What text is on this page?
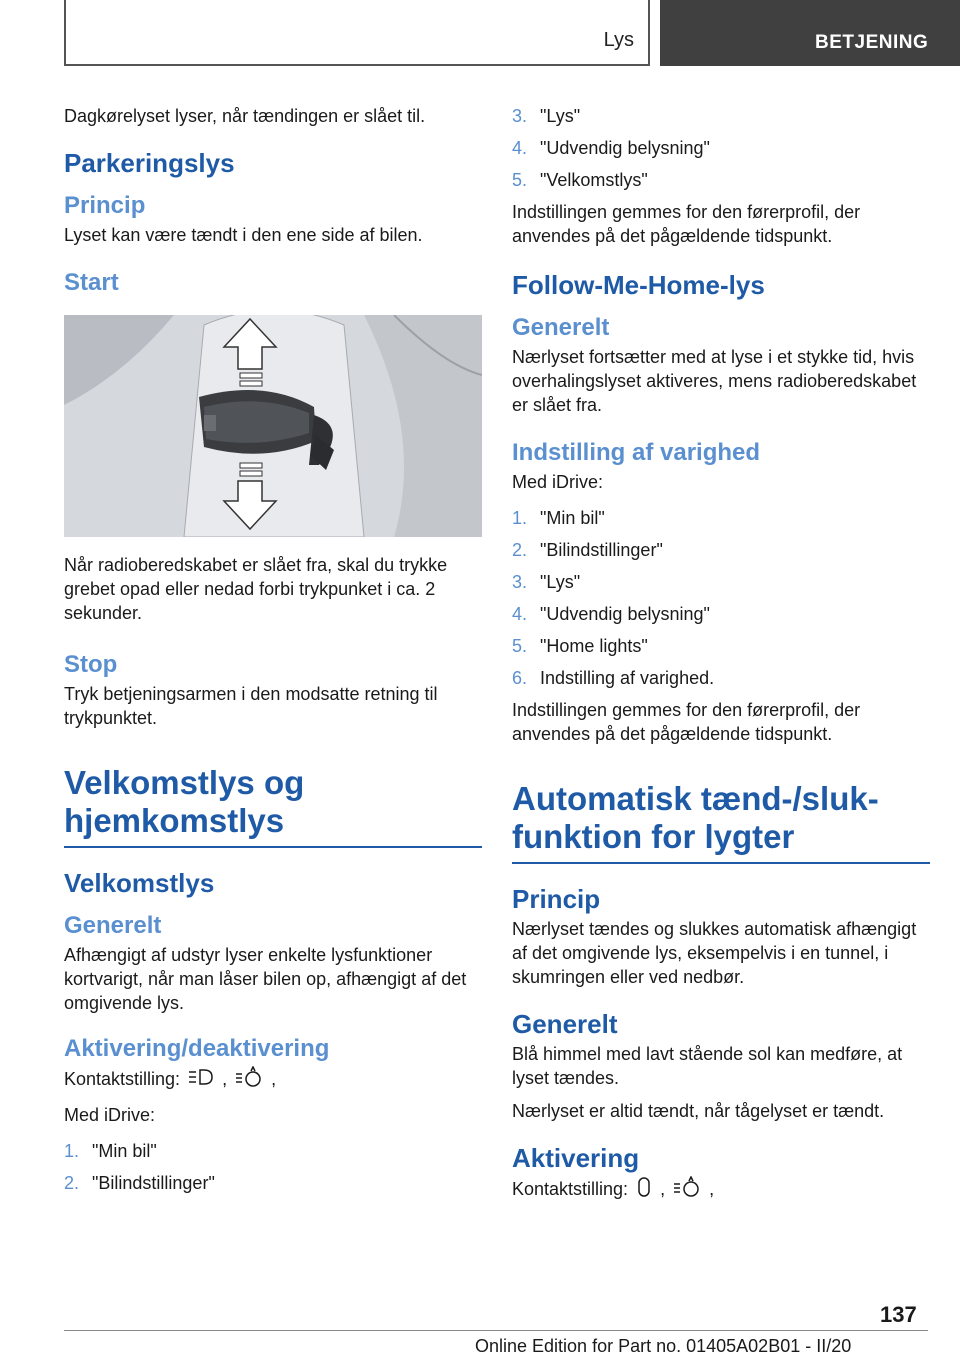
Lys	BETJENING

Dagkørelyset lyser, når tændingen er slået til.

Parkeringslys
Princip

Lyset kan være tændt i den ene side af bilen.

Start

Når radioberedskabet er slået fra, skal du trykke grebet opad eller nedad forbi trykpunket i ca. 2 sekunder.

Stop

Tryk betjeningsarmen i den modsatte retning til trykpunktet.

Velkomstlys og hjemkomstlys
Velkomstlys
Generelt

Afhængigt af udstyr lyser enkelte lysfunktioner kortvarigt, når man låser bilen op, afhængigt af det omgivende lys.

Aktivering/deaktivering

Kontaktstilling: , ,

Med iDrive:

1. "Min bil"
2. "Bilindstillinger"
3. "Lys"
4. "Udvendig belysning"
5. "Velkomstlys"

Indstillingen gemmes for den førerprofil, der anvendes på det pågældende tidspunkt.

Follow-Me-Home-lys
Generelt

Nærlyset fortsætter med at lyse i et stykke tid, hvis overhalingslyset aktiveres, mens radioberedskabet er slået fra.

Indstilling af varighed

Med iDrive:

1. "Min bil"
2. "Bilindstillinger"
3. "Lys"
4. "Udvendig belysning"
5. "Home lights"
6. Indstilling af varighed.

Indstillingen gemmes for den førerprofil, der anvendes på det pågældende tidspunkt.

Automatisk tænd-/slukfunktion for lygter
Princip

Nærlyset tændes og slukkes automatisk afhængigt af det omgivende lys, eksempelvis i en tunnel, i skumringen eller ved nedbør.

Generelt

Blå himmel med lavt stående sol kan medføre, at lyset tændes.

Nærlyset er altid tændt, når tågelyset er tændt.

Aktivering

Kontaktstilling: , ,

137
Online Edition for Part no. 01405A02B01 - II/20
